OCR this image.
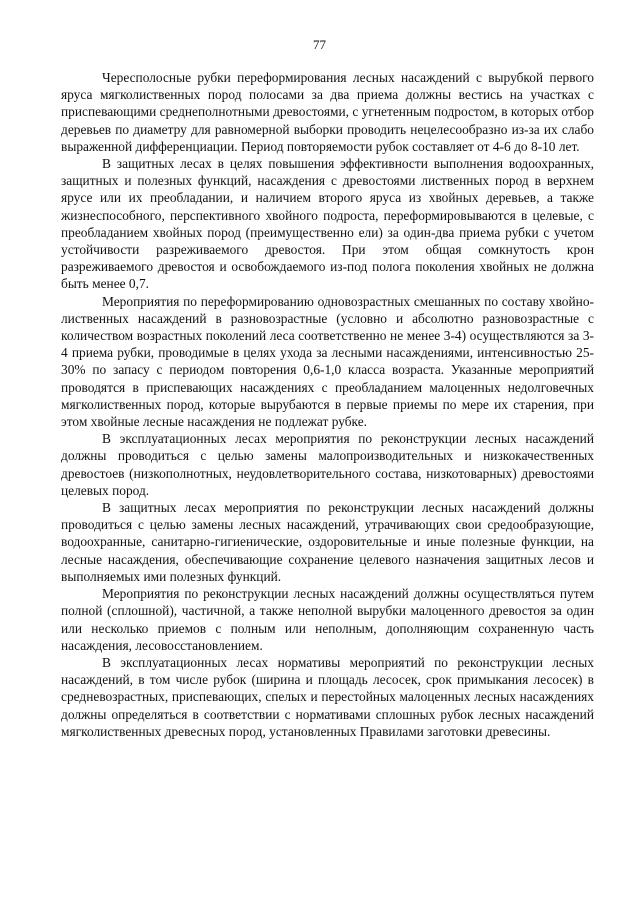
77

Чересполосные рубки переформирования лесных насаждений с вырубкой первого яруса мягколиственных пород полосами за два приема должны вестись на участках с приспевающими среднеполнотными древостоями, с угнетенным подростом, в которых отбор деревьев по диаметру для равномерной выборки проводить нецелесообразно из-за их слабо выраженной дифференциации. Период повторяемости рубок составляет от 4-6 до 8-10 лет.

В защитных лесах в целях повышения эффективности выполнения водоохранных, защитных и полезных функций, насаждения с древостоями лиственных пород в верхнем ярусе или их преобладании, и наличием второго яруса из хвойных деревьев, а также жизнеспособного, перспективного хвойного подроста, переформировываются в целевые, с преобладанием хвойных пород (преимущественно ели) за один-два приема рубки с учетом устойчивости разреживаемого древостоя. При этом общая сомкнутость крон разреживаемого древостоя и освобождаемого из-под полога поколения хвойных не должна быть менее 0,7.

Мероприятия по переформированию одновозрастных смешанных по составу хвойно-лиственных насаждений в разновозрастные (условно и абсолютно разновозрастные с количеством возрастных поколений леса соответственно не менее 3-4) осуществляются за 3-4 приема рубки, проводимые в целях ухода за лесными насаждениями, интенсивностью 25-30% по запасу с периодом повторения 0,6-1,0 класса возраста. Указанные мероприятий проводятся в приспевающих насаждениях с преобладанием малоценных недолговечных мягколиственных пород, которые вырубаются в первые приемы по мере их старения, при этом хвойные лесные насаждения не подлежат рубке.

В эксплуатационных лесах мероприятия по реконструкции лесных насаждений должны проводиться с целью замены малопроизводительных и низкокачественных древостоев (низкополнотных, неудовлетворительного состава, низкотоварных) древостоями целевых пород.

В защитных лесах мероприятия по реконструкции лесных насаждений должны проводиться с целью замены лесных насаждений, утрачивающих свои средообразующие, водоохранные, санитарно-гигиенические, оздоровительные и иные полезные функции, на лесные насаждения, обеспечивающие сохранение целевого назначения защитных лесов и выполняемых ими полезных функций.

Мероприятия по реконструкции лесных насаждений должны осуществляться путем полной (сплошной), частичной, а также неполной вырубки малоценного древостоя за один или несколько приемов с полным или неполным, дополняющим сохраненную часть насаждения, лесовосстановлением.

В эксплуатационных лесах нормативы мероприятий по реконструкции лесных насаждений, в том числе рубок (ширина и площадь лесосек, срок примыкания лесосек) в средневозрастных, приспевающих, спелых и перестойных малоценных лесных насаждениях должны определяться в соответствии с нормативами сплошных рубок лесных насаждений мягколиственных древесных пород, установленных Правилами заготовки древесины.
